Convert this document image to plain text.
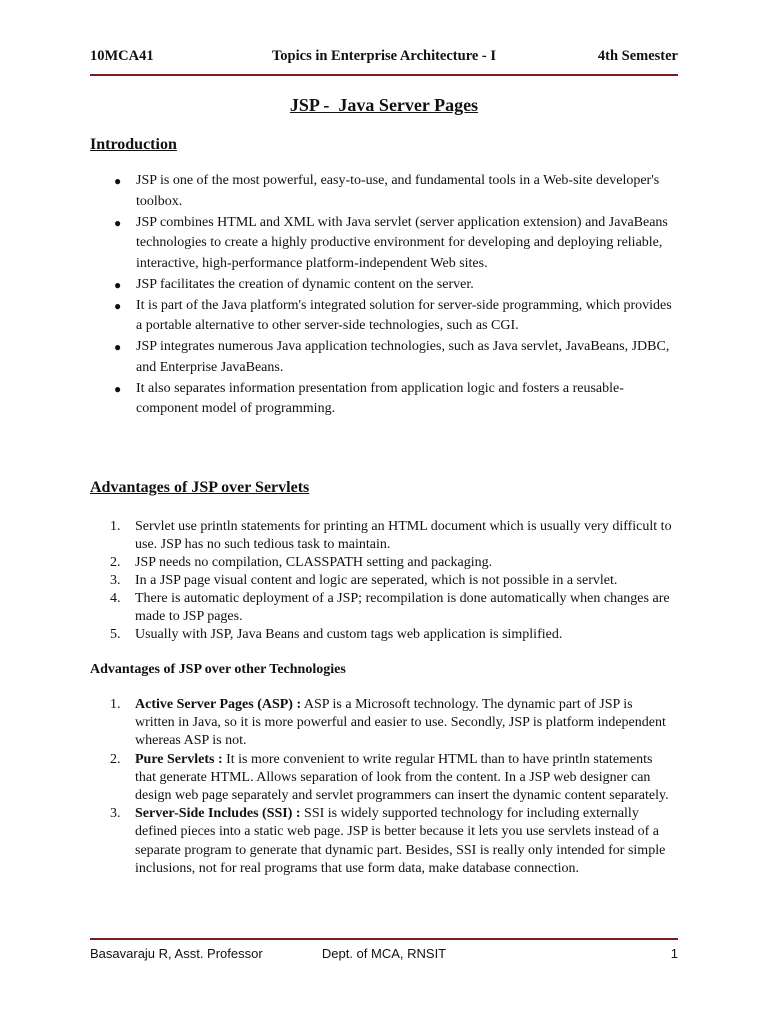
10MCA41	Topics in Enterprise Architecture - I	4th Semester
JSP -  Java Server Pages
Introduction
● JSP is one of the most powerful, easy-to-use, and fundamental tools in a Web-site developer's toolbox.
● JSP combines HTML and XML with Java servlet (server application extension) and JavaBeans technologies to create a highly productive environment for developing and deploying reliable, interactive, high-performance platform-independent Web sites.
● JSP facilitates the creation of dynamic content on the server.
● It is part of the Java platform's integrated solution for server-side programming, which provides a portable alternative to other server-side technologies, such as CGI.
● JSP integrates numerous Java application technologies, such as Java servlet, JavaBeans, JDBC, and Enterprise JavaBeans.
● It also separates information presentation from application logic and fosters a reusable-component model of programming.
Advantages of JSP over Servlets
1. Servlet use println statements for printing an HTML document which is usually very difficult to use. JSP has no such tedious task to maintain.
2. JSP needs no compilation, CLASSPATH setting and packaging.
3. In a JSP page visual content and logic are seperated, which is not possible in a servlet.
4. There is automatic deployment of a JSP; recompilation is done automatically when changes are made to JSP pages.
5. Usually with JSP, Java Beans and custom tags web application is simplified.
Advantages of JSP over other Technologies
1. Active Server Pages (ASP) : ASP is a Microsoft technology. The dynamic part of JSP is written in Java, so it is more powerful and easier to use. Secondly, JSP is platform independent whereas ASP is not.
2. Pure Servlets : It is more convenient to write regular HTML than to have println statements that generate HTML. Allows separation of look from the content. In a JSP web designer can design web page separately and servlet programmers can insert the dynamic content separately.
3. Server-Side Includes (SSI) : SSI is widely supported technology for including externally defined pieces into a static web page. JSP is better because it lets you use servlets instead of a separate program to generate that dynamic part. Besides, SSI is really only intended for simple inclusions, not for real programs that use form data, make database connection.
Basavaraju R, Asst. Professor	Dept. of MCA, RNSIT	1
